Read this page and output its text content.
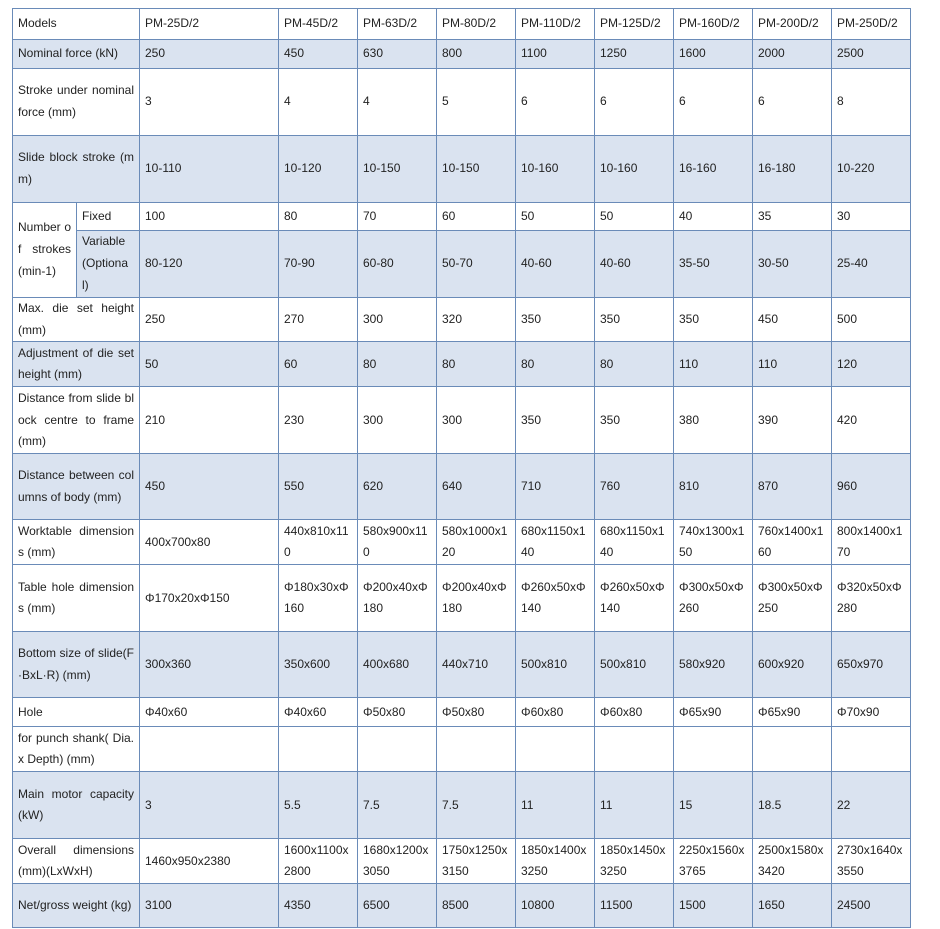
Models		PM-25D/2	PM-45D/2	PM-63D/2	PM-80D/2	PM-110D/2	PM-125D/2	PM-160D/2	PM-200D/2	PM-250D/2
Nominal force (kN)		250	450	630	800	1100	1250	1600	2000	2500
Stroke under nominal force (mm)		3	4	4	5	6	6	6	6	8
Slide block stroke (mm)		10-110	10-120	10-150	10-150	10-160	10-160	16-160	16-180	10-220
Number of strokes (min-1)	Fixed	100	80	70	60	50	50	40	35	30
	Variable (Optional)	80-120	70-90	60-80	50-70	40-60	40-60	35-50	30-50	25-40
Max. die set height (mm)		250	270	300	320	350	350	350	450	500
Adjustment of die set height (mm)		50	60	80	80	80	80	110	110	120
Distance from slide block centre to frame (mm)		210	230	300	300	350	350	380	390	420
Distance between columns of body (mm)		450	550	620	640	710	760	810	870	960
Worktable dimensions (mm)		400x700x80	440x810x110	580x900x110	580x1000x120	680x1150x140	680x1150x140	740x1300x150	760x1400x160	800x1400x170
Table hole dimensions (mm)		Φ170x20xΦ150	Φ180x30xΦ160	Φ200x40xΦ180	Φ200x40xΦ180	Φ260x50xΦ140	Φ260x50xΦ140	Φ300x50xΦ260	Φ300x50xΦ250	Φ320x50xΦ280
Bottom size of slide(F·BxL·R) (mm)		300x360	350x600	400x680	440x710	500x810	500x810	580x920	600x920	650x970
Hole		Φ40x60	Φ40x60	Φ50x80	Φ50x80	Φ60x80	Φ60x80	Φ65x90	Φ65x90	Φ70x90
for punch shank( Dia.x Depth) (mm)										
Main motor capacity (kW)		3	5.5	7.5	7.5	11	11	15	18.5	22
Overall dimensions (mm)(LxWxH)		1460x950x2380	1600x1100x2800	1680x1200x3050	1750x1250x3150	1850x1400x3250	1850x1450x3250	2250x1560x3765	2500x1580x3420	2730x1640x3550
Net/gross weight (kg)		3100	4350	6500	8500	10800	11500	1500	1650	24500
